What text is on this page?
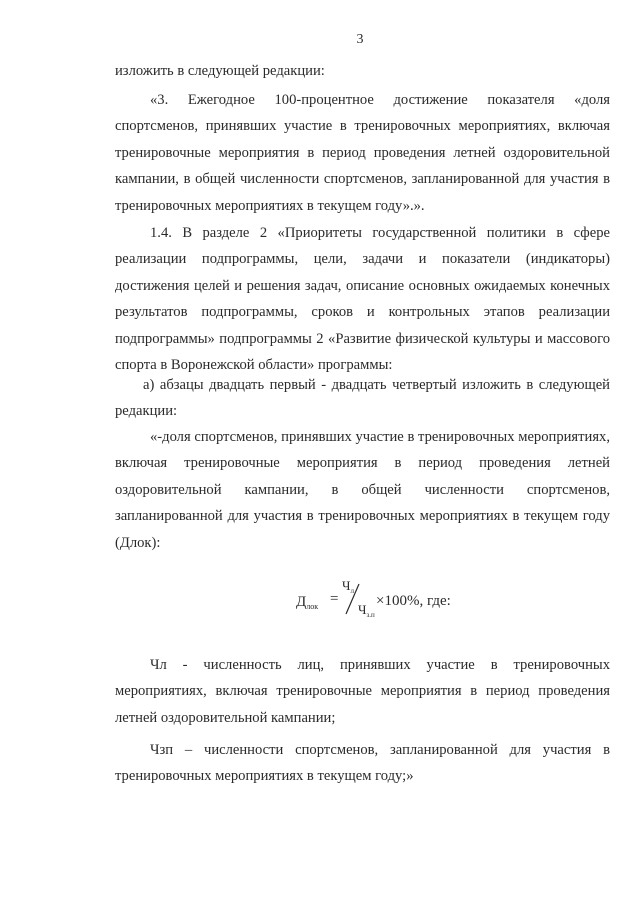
3
изложить в следующей редакции:
«3. Ежегодное 100-процентное достижение показателя «доля спортсменов, принявших участие в тренировочных мероприятиях, включая тренировочные мероприятия в период проведения летней оздоровительной кампании, в общей численности спортсменов, запланированной для участия в тренировочных мероприятиях в текущем году».».
1.4. В разделе 2 «Приоритеты государственной политики в сфере реализации подпрограммы, цели, задачи и показатели (индикаторы) достижения целей и решения задач, описание основных ожидаемых конечных результатов подпрограммы, сроков и контрольных этапов реализации подпрограммы» подпрограммы 2 «Развитие физической культуры и массового спорта в Воронежской области» программы:
а) абзацы двадцать первый - двадцать четвертый изложить в следующей редакции:
«-доля спортсменов, принявших участие в тренировочных мероприятиях, включая тренировочные мероприятия в период проведения летней оздоровительной кампании, в общей численности спортсменов, запланированной для участия в тренировочных мероприятиях в текущем году (Длок):
$Д_{лок}$ =
$Ч_л$
$Ч_{з.п}$
×100%, где:
Чл - численность лиц, принявших участие в тренировочных мероприятиях, включая тренировочные мероприятия в период проведения летней оздоровительной кампании;
Чзп – численности спортсменов, запланированной для участия в тренировочных мероприятиях в текущем году;»
